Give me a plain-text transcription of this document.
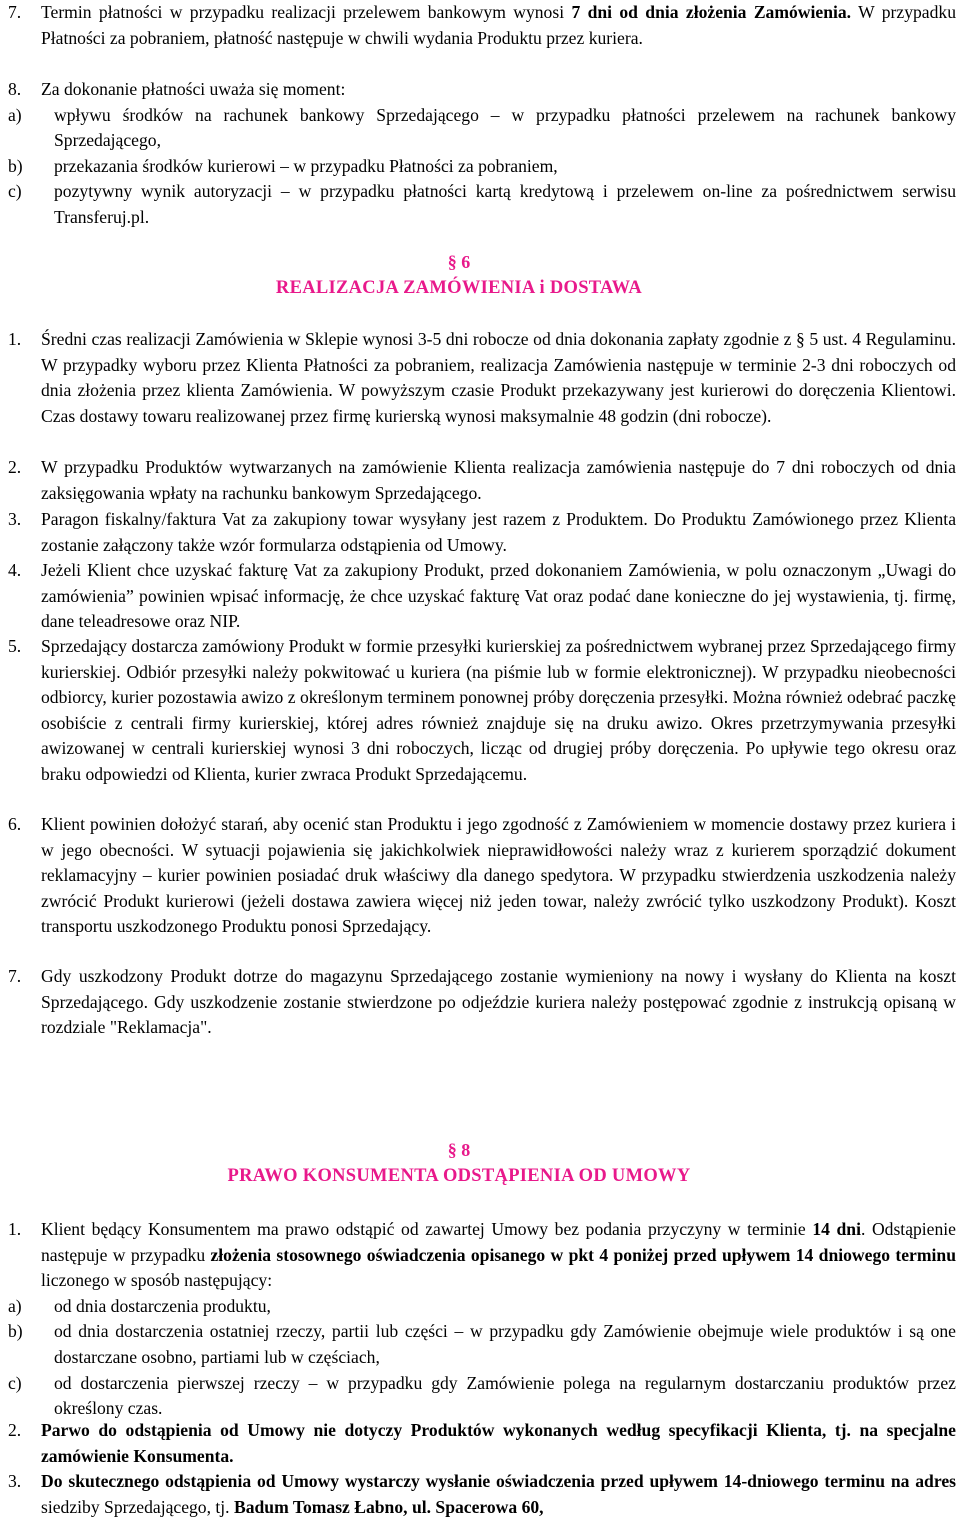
7. Termin płatności w przypadku realizacji przelewem bankowym wynosi 7 dni od dnia złożenia Zamówienia. W przypadku Płatności za pobraniem, płatność następuje w chwili wydania Produktu przez kuriera.
8. Za dokonanie płatności uważa się moment:
a) wpływu środków na rachunek bankowy Sprzedającego – w przypadku płatności przelewem na rachunek bankowy Sprzedającego,
b) przekazania środków kurierowi – w przypadku Płatności za pobraniem,
c) pozytywny wynik autoryzacji – w przypadku płatności kartą kredytową i przelewem on-line za pośrednictwem serwisu Transferuj.pl.
§ 6
REALIZACJA ZAMÓWIENIA i DOSTAWA
1. Średni czas realizacji Zamówienia w Sklepie wynosi 3-5 dni robocze od dnia dokonania zapłaty zgodnie z § 5 ust. 4 Regulaminu. W przypadky wyboru przez Klienta Płatności za pobraniem, realizacja Zamówienia następuje w terminie 2-3 dni roboczych od dnia złożenia przez klienta Zamówienia. W powyższym czasie Produkt przekazywany jest kurierowi do doręczenia Klientowi. Czas dostawy towaru realizowanej przez firmę kurierską wynosi maksymalnie 48 godzin (dni robocze).
2. W przypadku Produktów wytwarzanych na zamówienie Klienta realizacja zamówienia następuje do 7 dni roboczych od dnia zaksięgowania wpłaty na rachunku bankowym Sprzedającego.
3. Paragon fiskalny/faktura Vat za zakupiony towar wysyłany jest razem z Produktem. Do Produktu Zamówionego przez Klienta zostanie załączony także wzór formularza odstąpienia od Umowy.
4. Jeżeli Klient chce uzyskać fakturę Vat za zakupiony Produkt, przed dokonaniem Zamówienia, w polu oznaczonym „Uwagi do zamówienia” powinien wpisać informację, że chce uzyskać fakturę Vat oraz podać dane konieczne do jej wystawienia, tj. firmę, dane teleadresowe oraz NIP.
5. Sprzedający dostarcza zamówiony Produkt w formie przesyłki kurierskiej za pośrednictwem wybranej przez Sprzedającego firmy kurierskiej. Odbiór przesyłki należy pokwitować u kuriera (na piśmie lub w formie elektronicznej). W przypadku nieobecności odbiorcy, kurier pozostawia awizo z określonym terminem ponownej próby doręczenia przesyłki. Można również odebrać paczkę osobiście z centrali firmy kurierskiej, której adres również znajduje się na druku awizo. Okres przetrzymywania przesyłki awizowanej w centrali kurierskiej wynosi 3 dni roboczych, licząc od drugiej próby doręczenia. Po upływie tego okresu oraz braku odpowiedzi od Klienta, kurier zwraca Produkt Sprzedającemu.
6. Klient powinien dołożyć starań, aby ocenić stan Produktu i jego zgodność z Zamówieniem w momencie dostawy przez kuriera i w jego obecności. W sytuacji pojawienia się jakichkolwiek nieprawidłowości należy wraz z kurierem sporządzić dokument reklamacyjny – kurier powinien posiadać druk właściwy dla danego spedytora. W przypadku stwierdzenia uszkodzenia należy zwrócić Produkt kurierowi (jeżeli dostawa zawiera więcej niż jeden towar, należy zwrócić tylko uszkodzony Produkt). Koszt transportu uszkodzonego Produktu ponosi Sprzedający.
7. Gdy uszkodzony Produkt dotrze do magazynu Sprzedającego zostanie wymieniony na nowy i wysłany do Klienta na koszt Sprzedającego. Gdy uszkodzenie zostanie stwierdzone po odjeździe kuriera należy postępować zgodnie z instrukcją opisaną w rozdziale "Reklamacja".
§ 8
PRAWO KONSUMENTA ODSTĄPIENIA OD UMOWY
1. Klient będący Konsumentem ma prawo odstąpić od zawartej Umowy bez podania przyczyny w terminie 14 dni. Odstąpienie następuje w przypadku złożenia stosownego oświadczenia opisanego w pkt 4 poniżej przed upływem 14 dniowego terminu liczonego w sposób następujący:
a) od dnia dostarczenia produktu,
b) od dnia dostarczenia ostatniej rzeczy, partii lub części – w przypadku gdy Zamówienie obejmuje wiele produktów i są one dostarczane osobno, partiami lub w częściach,
c) od dostarczenia pierwszej rzeczy – w przypadku gdy Zamówienie polega na regularnym dostarczaniu produktów przez określony czas.
2. Parwo do odstąpienia od Umowy nie dotyczy Produktów wykonanych według specyfikacji Klienta, tj. na specjalne zamówienie Konsumenta.
3. Do skutecznego odstąpienia od Umowy wystarczy wysłanie oświadczenia przed upływem 14-dniowego terminu na adres siedziby Sprzedającego, tj. Badum Tomasz Łabno, ul. Spacerowa 60,
